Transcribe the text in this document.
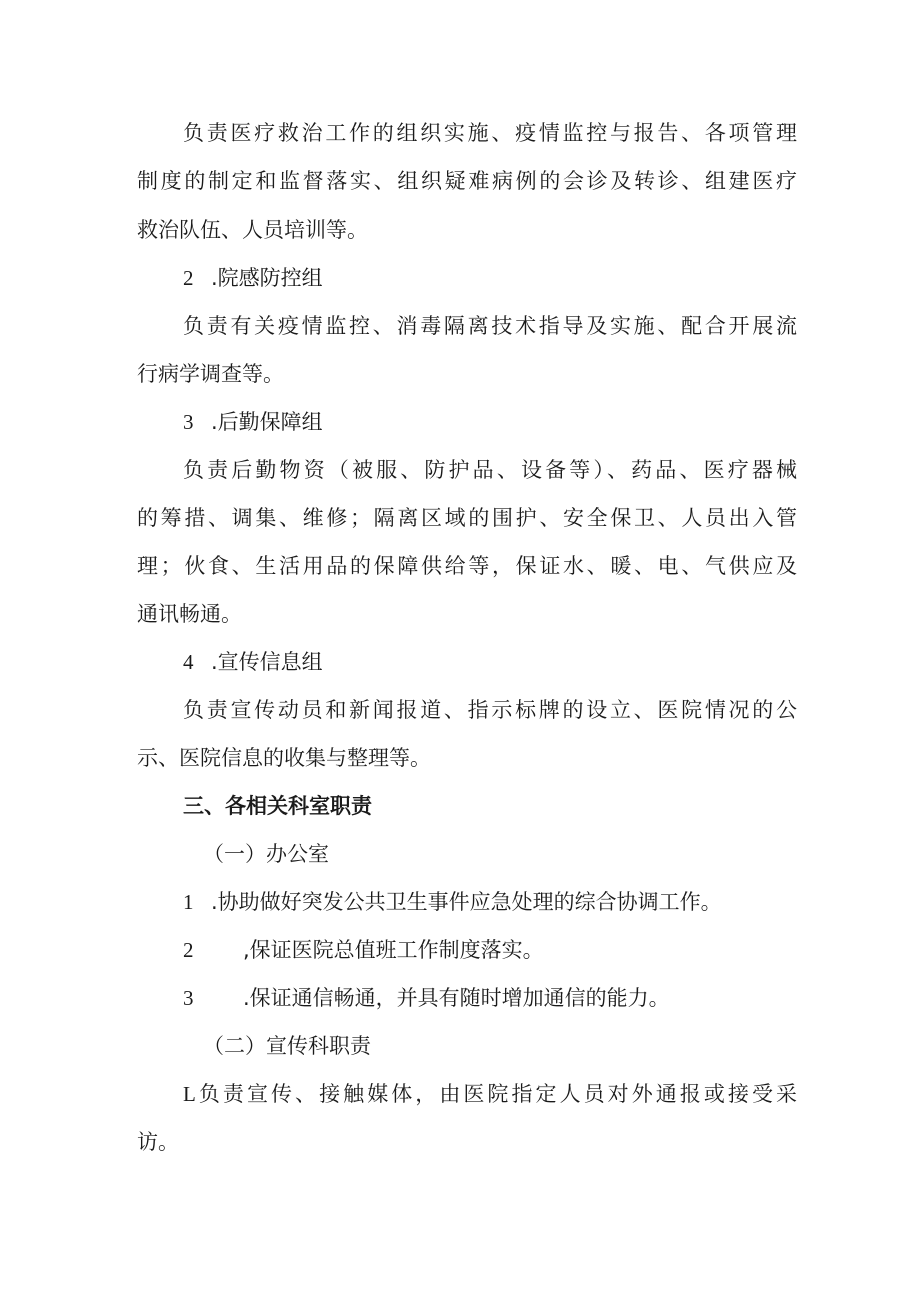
负责医疗救治工作的组织实施、疫情监控与报告、各项管理
制度的制定和监督落实、组织疑难病例的会诊及转诊、组建医疗
救治队伍、人员培训等。
2 .院感防控组
负责有关疫情监控、消毒隔离技术指导及实施、配合开展流
行病学调查等。
3 .后勤保障组
负责后勤物资（被服、防护品、设备等）、药品、医疗器械
的筹措、调集、维修；隔离区域的围护、安全保卫、人员出入管
理；伙食、生活用品的保障供给等，保证水、暖、电、气供应及
通讯畅通。
4 .宣传信息组
负责宣传动员和新闻报道、指示标牌的设立、医院情况的公
示、医院信息的收集与整理等。
三、各相关科室职责
（一）办公室
1 .协助做好突发公共卫生事件应急处理的综合协调工作。
2 ,保证医院总值班工作制度落实。
3 .保证通信畅通，并具有随时增加通信的能力。
（二）宣传科职责
L负责宣传、接触媒体，由医院指定人员对外通报或接受采
访。
